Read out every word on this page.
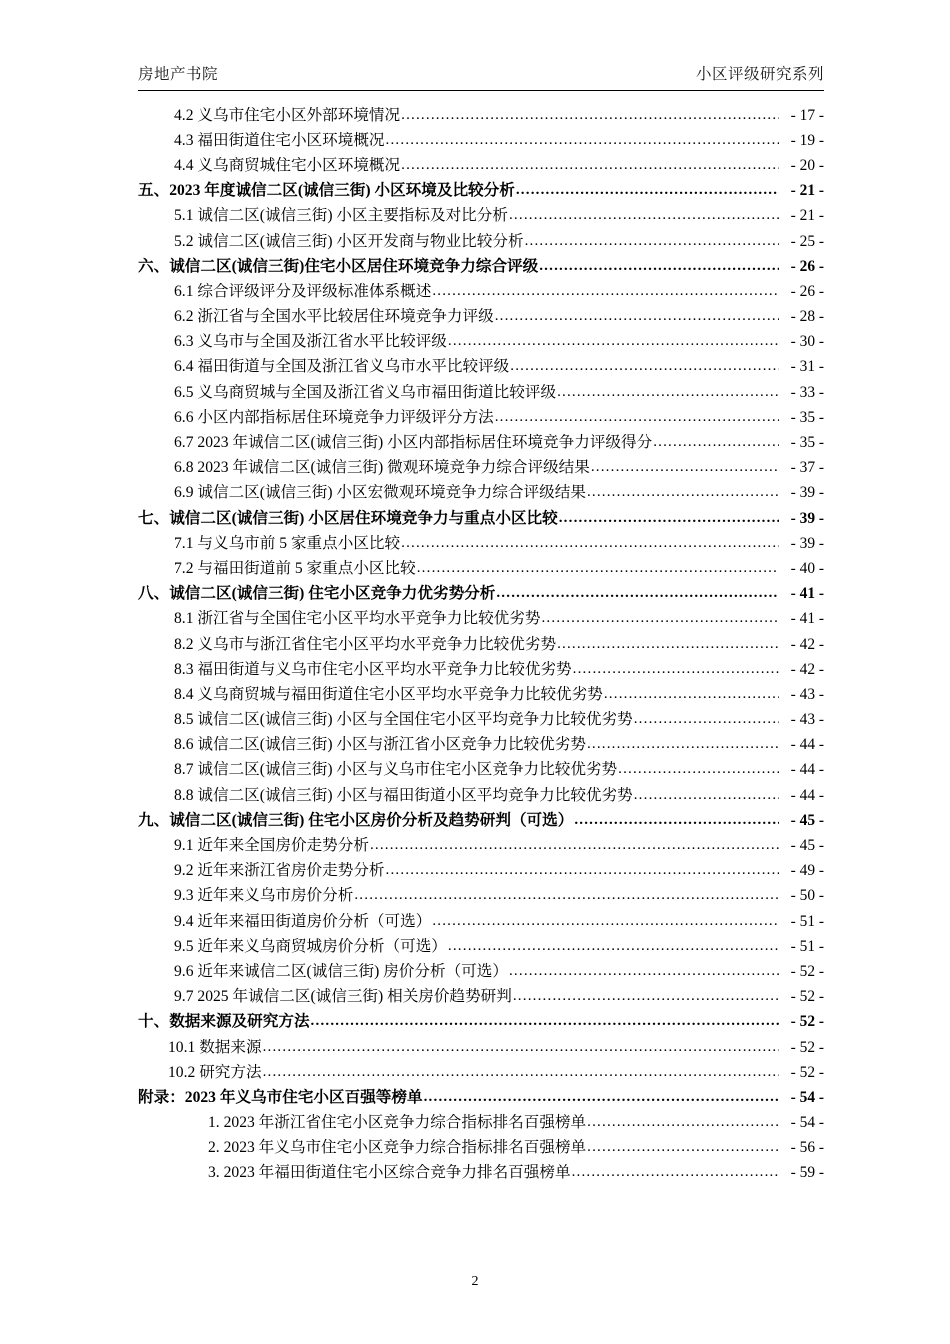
房地产书院	小区评级研究系列
4.2 义乌市住宅小区外部环境情况 .....	- 17 -
4.3 福田街道住宅小区环境概况 .....	- 19 -
4.4 义乌商贸城住宅小区环境概况 .....	- 20 -
五、2023 年度诚信二区(诚信三街) 小区环境及比较分析 .....	- 21 -
5.1 诚信二区(诚信三街) 小区主要指标及对比分析 .....	- 21 -
5.2 诚信二区(诚信三街) 小区开发商与物业比较分析 .....	- 25 -
六、诚信二区(诚信三街)住宅小区居住环境竞争力综合评级 .....	- 26 -
6.1 综合评级评分及评级标准体系概述 .....	- 26 -
6.2 浙江省与全国水平比较居住环境竞争力评级 .....	- 28 -
6.3 义乌市与全国及浙江省水平比较评级 .....	- 30 -
6.4 福田街道与全国及浙江省义乌市水平比较评级 .....	- 31 -
6.5 义乌商贸城与全国及浙江省义乌市福田街道比较评级 .....	- 33 -
6.6 小区内部指标居住环境竞争力评级评分方法 .....	- 35 -
6.7 2023 年诚信二区(诚信三街) 小区内部指标居住环境竞争力评级得分 .....	- 35 -
6.8 2023 年诚信二区(诚信三街) 微观环境竞争力综合评级结果 .....	- 37 -
6.9 诚信二区(诚信三街) 小区宏微观环境竞争力综合评级结果 .....	- 39 -
七、诚信二区(诚信三街) 小区居住环境竞争力与重点小区比较 .....	- 39 -
7.1 与义乌市前 5 家重点小区比较 .....	- 39 -
7.2 与福田街道前 5 家重点小区比较 .....	- 40 -
八、诚信二区(诚信三街) 住宅小区竞争力优劣势分析 .....	- 41 -
8.1 浙江省与全国住宅小区平均水平竞争力比较优劣势 .....	- 41 -
8.2 义乌市与浙江省住宅小区平均水平竞争力比较优劣势 .....	- 42 -
8.3 福田街道与义乌市住宅小区平均水平竞争力比较优劣势 .....	- 42 -
8.4 义乌商贸城与福田街道住宅小区平均水平竞争力比较优劣势 .....	- 43 -
8.5 诚信二区(诚信三街) 小区与全国住宅小区平均竞争力比较优劣势 .....	- 43 -
8.6 诚信二区(诚信三街) 小区与浙江省小区竞争力比较优劣势 .....	- 44 -
8.7 诚信二区(诚信三街) 小区与义乌市住宅小区竞争力比较优劣势 .....	- 44 -
8.8 诚信二区(诚信三街) 小区与福田街道小区平均竞争力比较优劣势 .....	- 44 -
九、诚信二区(诚信三街) 住宅小区房价分析及趋势研判（可选） .....	- 45 -
9.1 近年来全国房价走势分析 .....	- 45 -
9.2 近年来浙江省房价走势分析 .....	- 49 -
9.3 近年来义乌市房价分析 .....	- 50 -
9.4 近年来福田街道房价分析（可选） .....	- 51 -
9.5 近年来义乌商贸城房价分析（可选） .....	- 51 -
9.6 近年来诚信二区(诚信三街) 房价分析（可选） .....	- 52 -
9.7 2025 年诚信二区(诚信三街) 相关房价趋势研判 .....	- 52 -
十、数据来源及研究方法 .....	- 52 -
10.1 数据来源 .....	- 52 -
10.2 研究方法 .....	- 52 -
附录：2023 年义乌市住宅小区百强等榜单 .....	- 54 -
1. 2023 年浙江省住宅小区竞争力综合指标排名百强榜单 .....	- 54 -
2. 2023 年义乌市住宅小区竞争力综合指标排名百强榜单 .....	- 56 -
3. 2023 年福田街道住宅小区综合竞争力排名百强榜单 .....	- 59 -
2
